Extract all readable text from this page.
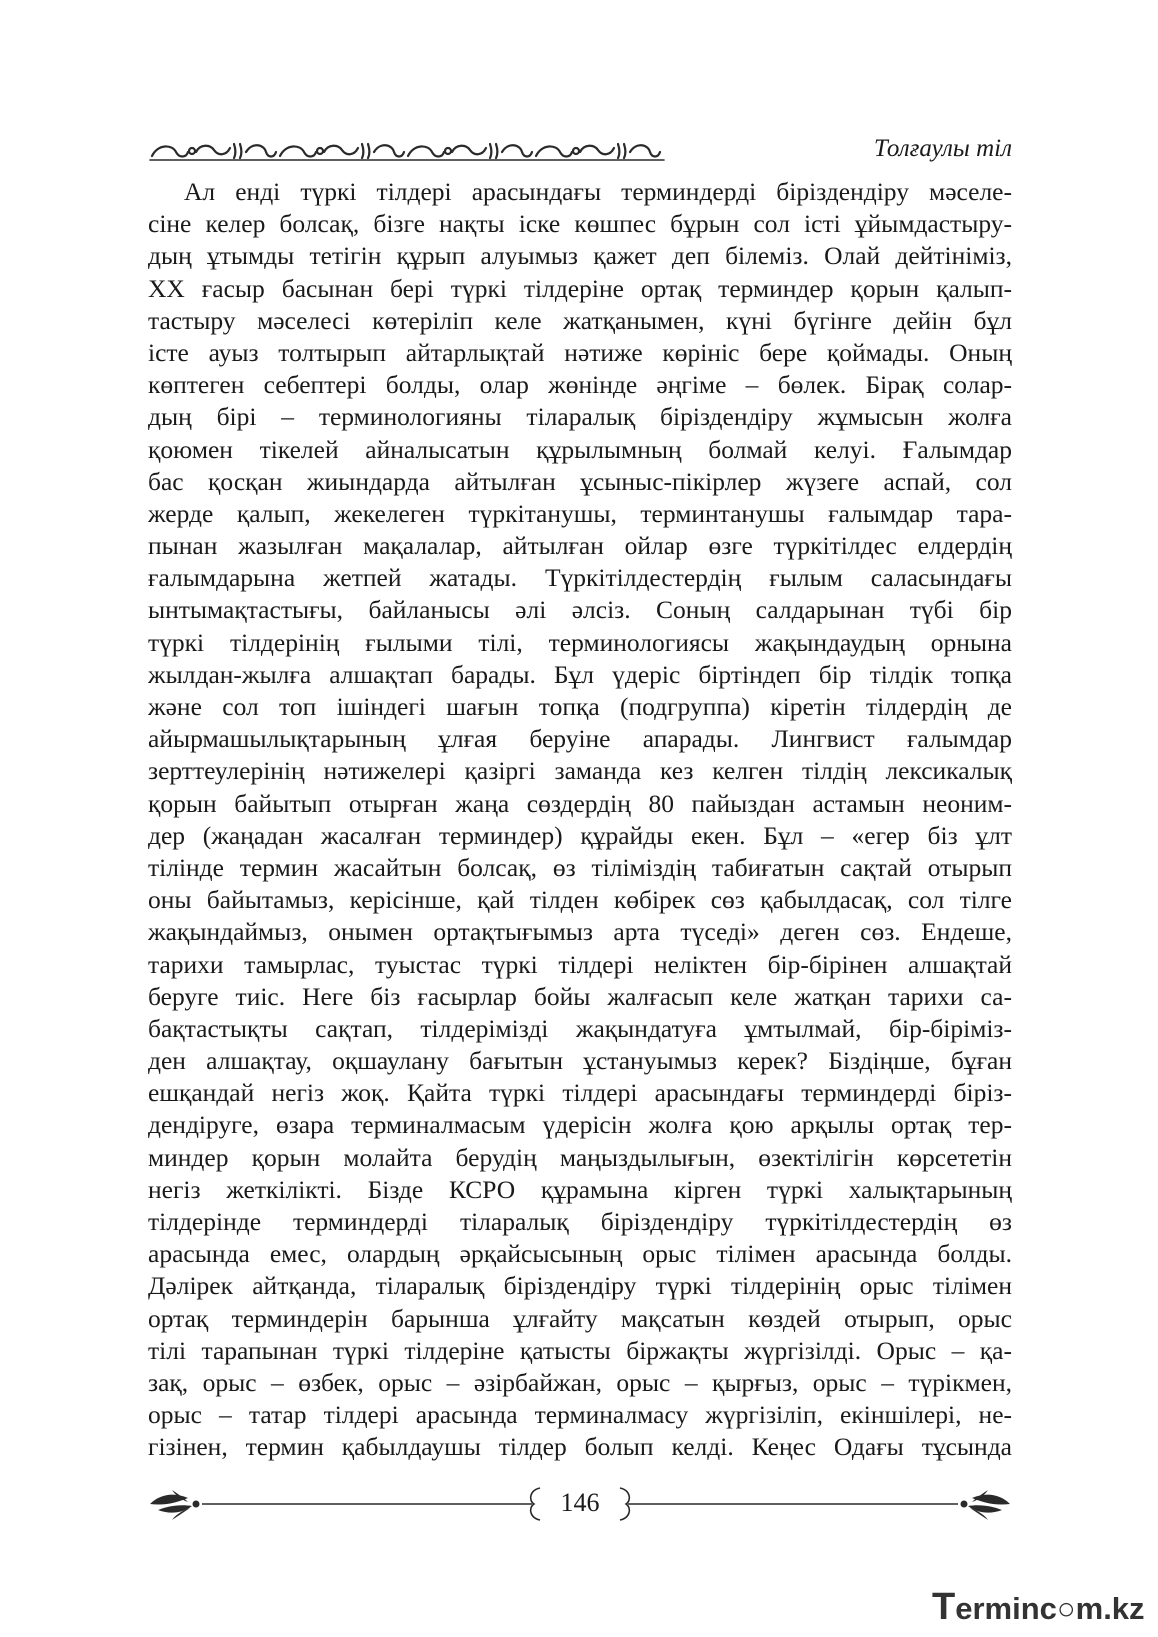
Толғаулы тіл
Ал енді түркі тілдері арасындағы терминдерді біріздендіру мәселе-
сіне келер болсақ, бізге нақты іске көшпес бұрын сол істі ұйымдастыру-
дың ұтымды тетігін құрып алуымыз қажет деп білеміз. Олай дейтініміз,
XX ғасыр басынан бері түркі тілдеріне ортақ терминдер қорын қалып-
тастыру мәселесі көтеріліп келе жатқанымен, күні бүгінге дейін бұл
істе ауыз толтырып айтарлықтай нәтиже көрініс бере қоймады. Оның
көптеген себептері болды, олар жөнінде әңгіме – бөлек. Бірақ солар-
дың бірі – терминологияны тіларалық біріздендіру жұмысын жолға
қоюмен тікелей айналысатын құрылымның болмай келуі. Ғалымдар
бас қосқан жиындарда айтылған ұсыныс-пікірлер жүзеге аспай, сол
жерде қалып, жекелеген түркітанушы, терминтанушы ғалымдар тара-
пынан жазылған мақалалар, айтылған ойлар өзге түркітілдес елдердің
ғалымдарына жетпей жатады. Түркітілдестердің ғылым саласындағы
ынтымақтастығы, байланысы әлі әлсіз. Соның салдарынан түбі бір
түркі тілдерінің ғылыми тілі, терминологиясы жақындаудың орнына
жылдан-жылға алшақтап барады. Бұл үдеріс біртіндеп бір тілдік топқа
және сол топ ішіндегі шағын топқа (подгруппа) кіретін тілдердің де
айырмашылықтарының ұлғая беруіне апарады. Лингвист ғалымдар
зерттеулерінің нәтижелері қазіргі заманда кез келген тілдің лексикалық
қорын байытып отырған жаңа сөздердің 80 пайыздан астамын неоним-
дер (жаңадан жасалған терминдер) құрайды екен. Бұл – «егер біз ұлт
тілінде термин жасайтын болсақ, өз тіліміздің табиғатын сақтай отырып
оны байытамыз, керісінше, қай тілден көбірек сөз қабылдасақ, сол тілге
жақындаймыз, онымен ортақтығымыз арта түседі» деген сөз. Ендеше,
тарихи тамырлас, туыстас түркі тілдері неліктен бір-бірінен алшақтай
беруге тиіс. Неге біз ғасырлар бойы жалғасып келе жатқан тарихи са-
бақтастықты сақтап, тілдерімізді жақындатуға ұмтылмай, бір-біріміз-
ден алшақтау, оқшаулану бағытын ұстануымыз керек? Біздіңше, бұған
ешқандай негіз жоқ. Қайта түркі тілдері арасындағы терминдерді біріз-
дендіруге, өзара терминалмасым үдерісін жолға қою арқылы ортақ тер-
миндер қорын молайта берудің маңыздылығын, өзектілігін көрсететін
негіз жеткілікті. Бізде КСРО құрамына кірген түркі халықтарының
тілдерінде терминдерді тіларалық біріздендіру түркітілдестердің өз
арасында емес, олардың әрқайсысының орыс тілімен арасында болды.
Дәлірек айтқанда, тіларалық біріздендіру түркі тілдерінің орыс тілімен
ортақ терминдерін барынша ұлғайту мақсатын көздей отырып, орыс
тілі тарапынан түркі тілдеріне қатысты біржақты жүргізілді. Орыс – қа-
зақ, орыс – өзбек, орыс – әзірбайжан, орыс – қырғыз, орыс – түрікмен,
орыс – татар тілдері арасында терминалмасу жүргізіліп, екіншілері, не-
гізінен, термин қабылдаушы тілдер болып келді. Кеңес Одағы тұсында
146
Terminc○m.kz
